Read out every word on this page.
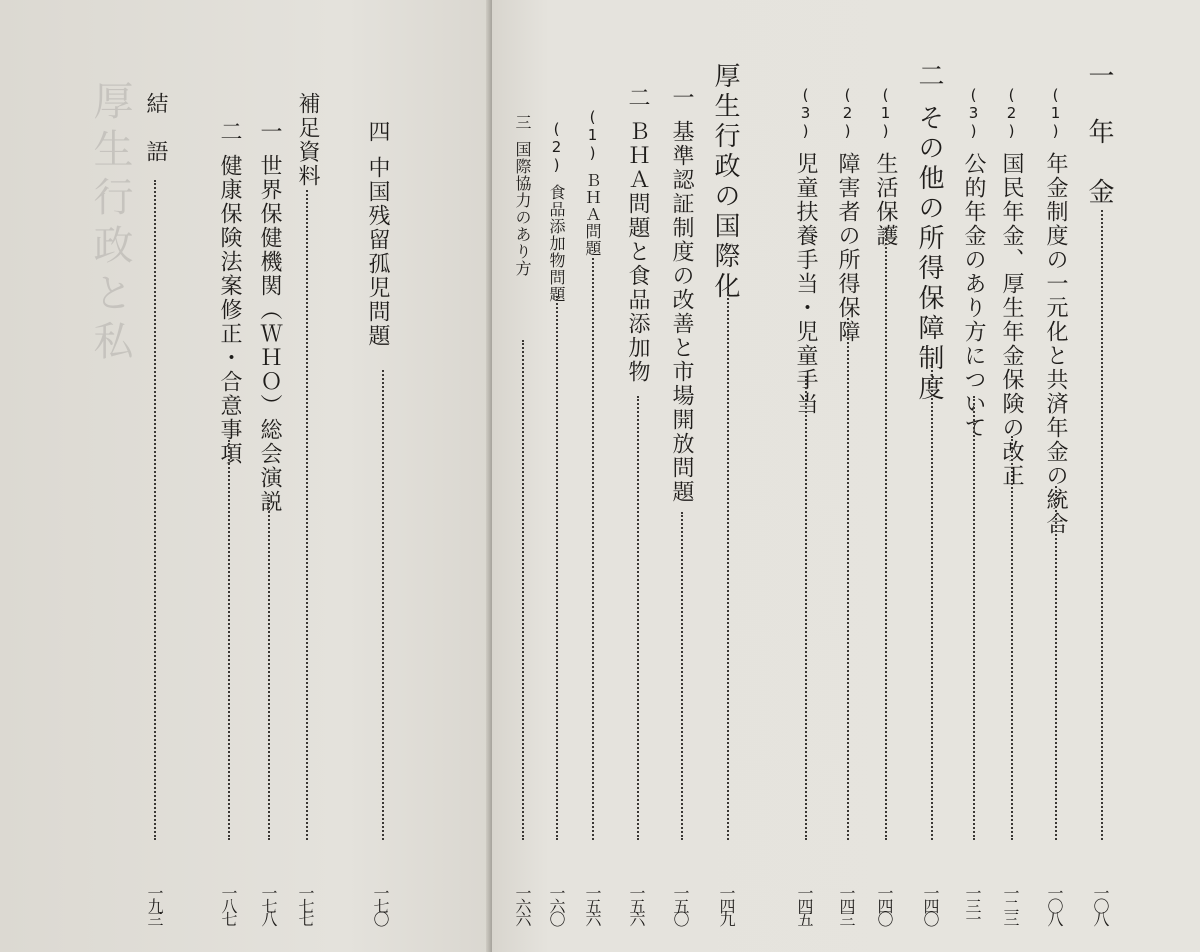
厚生行政と私	四
中国残留孤児問題
一七〇
補足資料
一七七
一
世界保健機関（ＷＨＯ）総会演説
一七八
二
健康保険法案修正・合意事項
一八七
結　語
一九三
一
年　金
一〇八
(1)
年金制度の一元化と共済年金の統合
一〇八
(2)
国民年金、厚生年金保険の改正
一二三
(3)
公的年金のあり方について
一三一
二
その他の所得保障制度
一四〇
(1)
生活保護
一四〇
(2)
障害者の所得保障
一四三
(3)
児童扶養手当・児童手当
一四五
厚生行政の国際化
一四九
一
基準認証制度の改善と市場開放問題
一五〇
二
ＢＨＡ問題と食品添加物
一五六
(1)
ＢＨＡ問題
一五六
(2)
食品添加物問題
一六〇
三
国際協力のあり方
一六六
